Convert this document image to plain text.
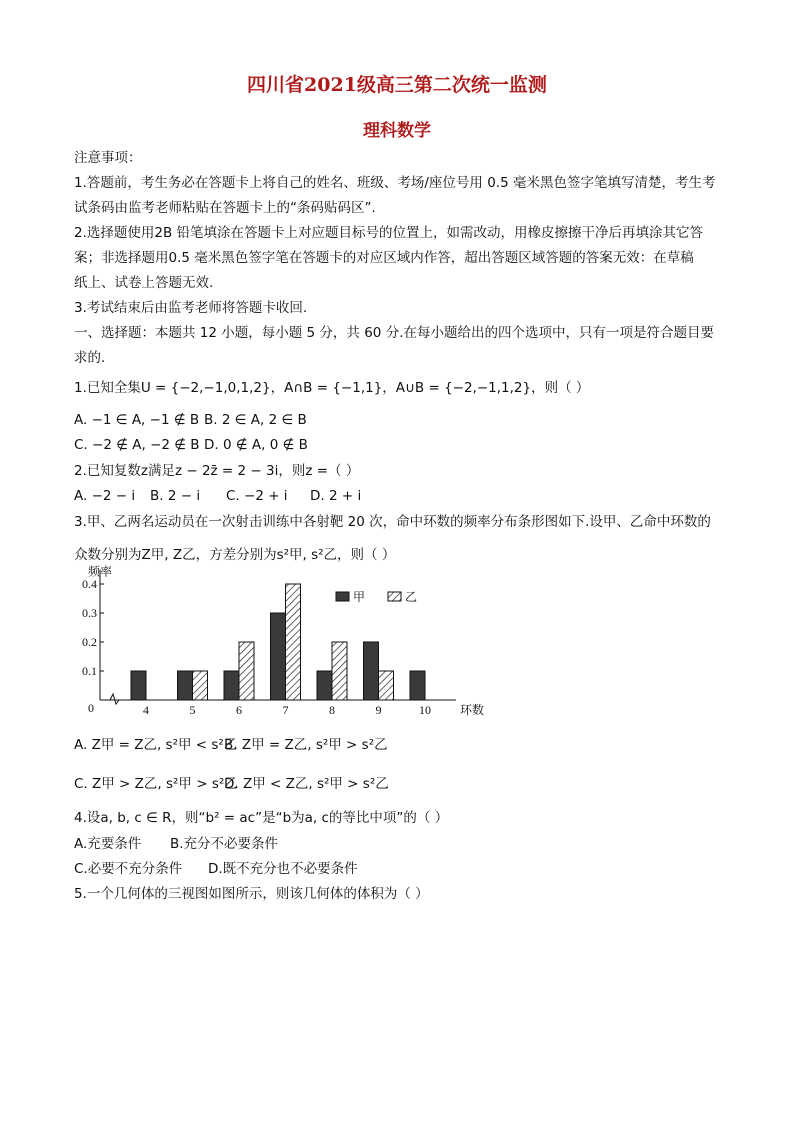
四川省2021级高三第二次统一监测
理科数学
注意事项：
1.答题前，考生务必在答题卡上将自己的姓名、班级、考场/座位号用 0.5 毫米黑色签字笔填写清楚，考生考
试条码由监考老师粘贴在答题卡上的“条码贴码区”．
2.选择题使用2B 铅笔填涂在答题卡上对应题目标号的位置上，如需改动，用橡皮擦擦干净后再填涂其它答
案；非选择题用0.5 毫米黑色签字笔在答题卡的对应区域内作答，超出答题区域答题的答案无效：在草稿
纸上、试卷上答题无效.
3.考试结束后由监考老师将答题卡收回.
一、选择题：本题共 12 小题，每小题 5 分，共 60 分.在每小题给出的四个选项中，只有一项是符合题目要
求的.
1.已知全集U = {−2,−1,0,1,2}，A∩B = {−1,1}，A∪B = {−2,−1,1,2}，则（ ）
A. −1 ∈ A, −1 ∉ B B. 2 ∈ A, 2 ∈ B
C. −2 ∉ A, −2 ∉ B D. 0 ∉ A, 0 ∉ B
2.已知复数z满足z − 2z̄ = 2 − 3i，则z =（ ）
A. −2 − i B. 2 − i C. −2 + i D. 2 + i
3.甲、乙两名运动员在一次射击训练中各射靶 20 次，命中环数的频率分布条形图如下.设甲、乙命中环数的
众数分别为Z甲, Z乙，方差分别为s²甲, s²乙，则（ ）
0.1
0.2
0.3
0.4
0
频率
4	5	6	7	8	9	10 环数
甲	乙
A. Z甲 = Z乙, s²甲 < s²乙B. Z甲 = Z乙, s²甲 > s²乙
C. Z甲 > Z乙, s²甲 > s²乙D. Z甲 < Z乙, s²甲 > s²乙
4.设a, b, c ∈ R，则“b² = ac”是“b为a, c的等比中项”的（ ）
A.充要条件 B.充分不必要条件
C.必要不充分条件 D.既不充分也不必要条件
5.一个几何体的三视图如图所示，则该几何体的体积为（ ）
